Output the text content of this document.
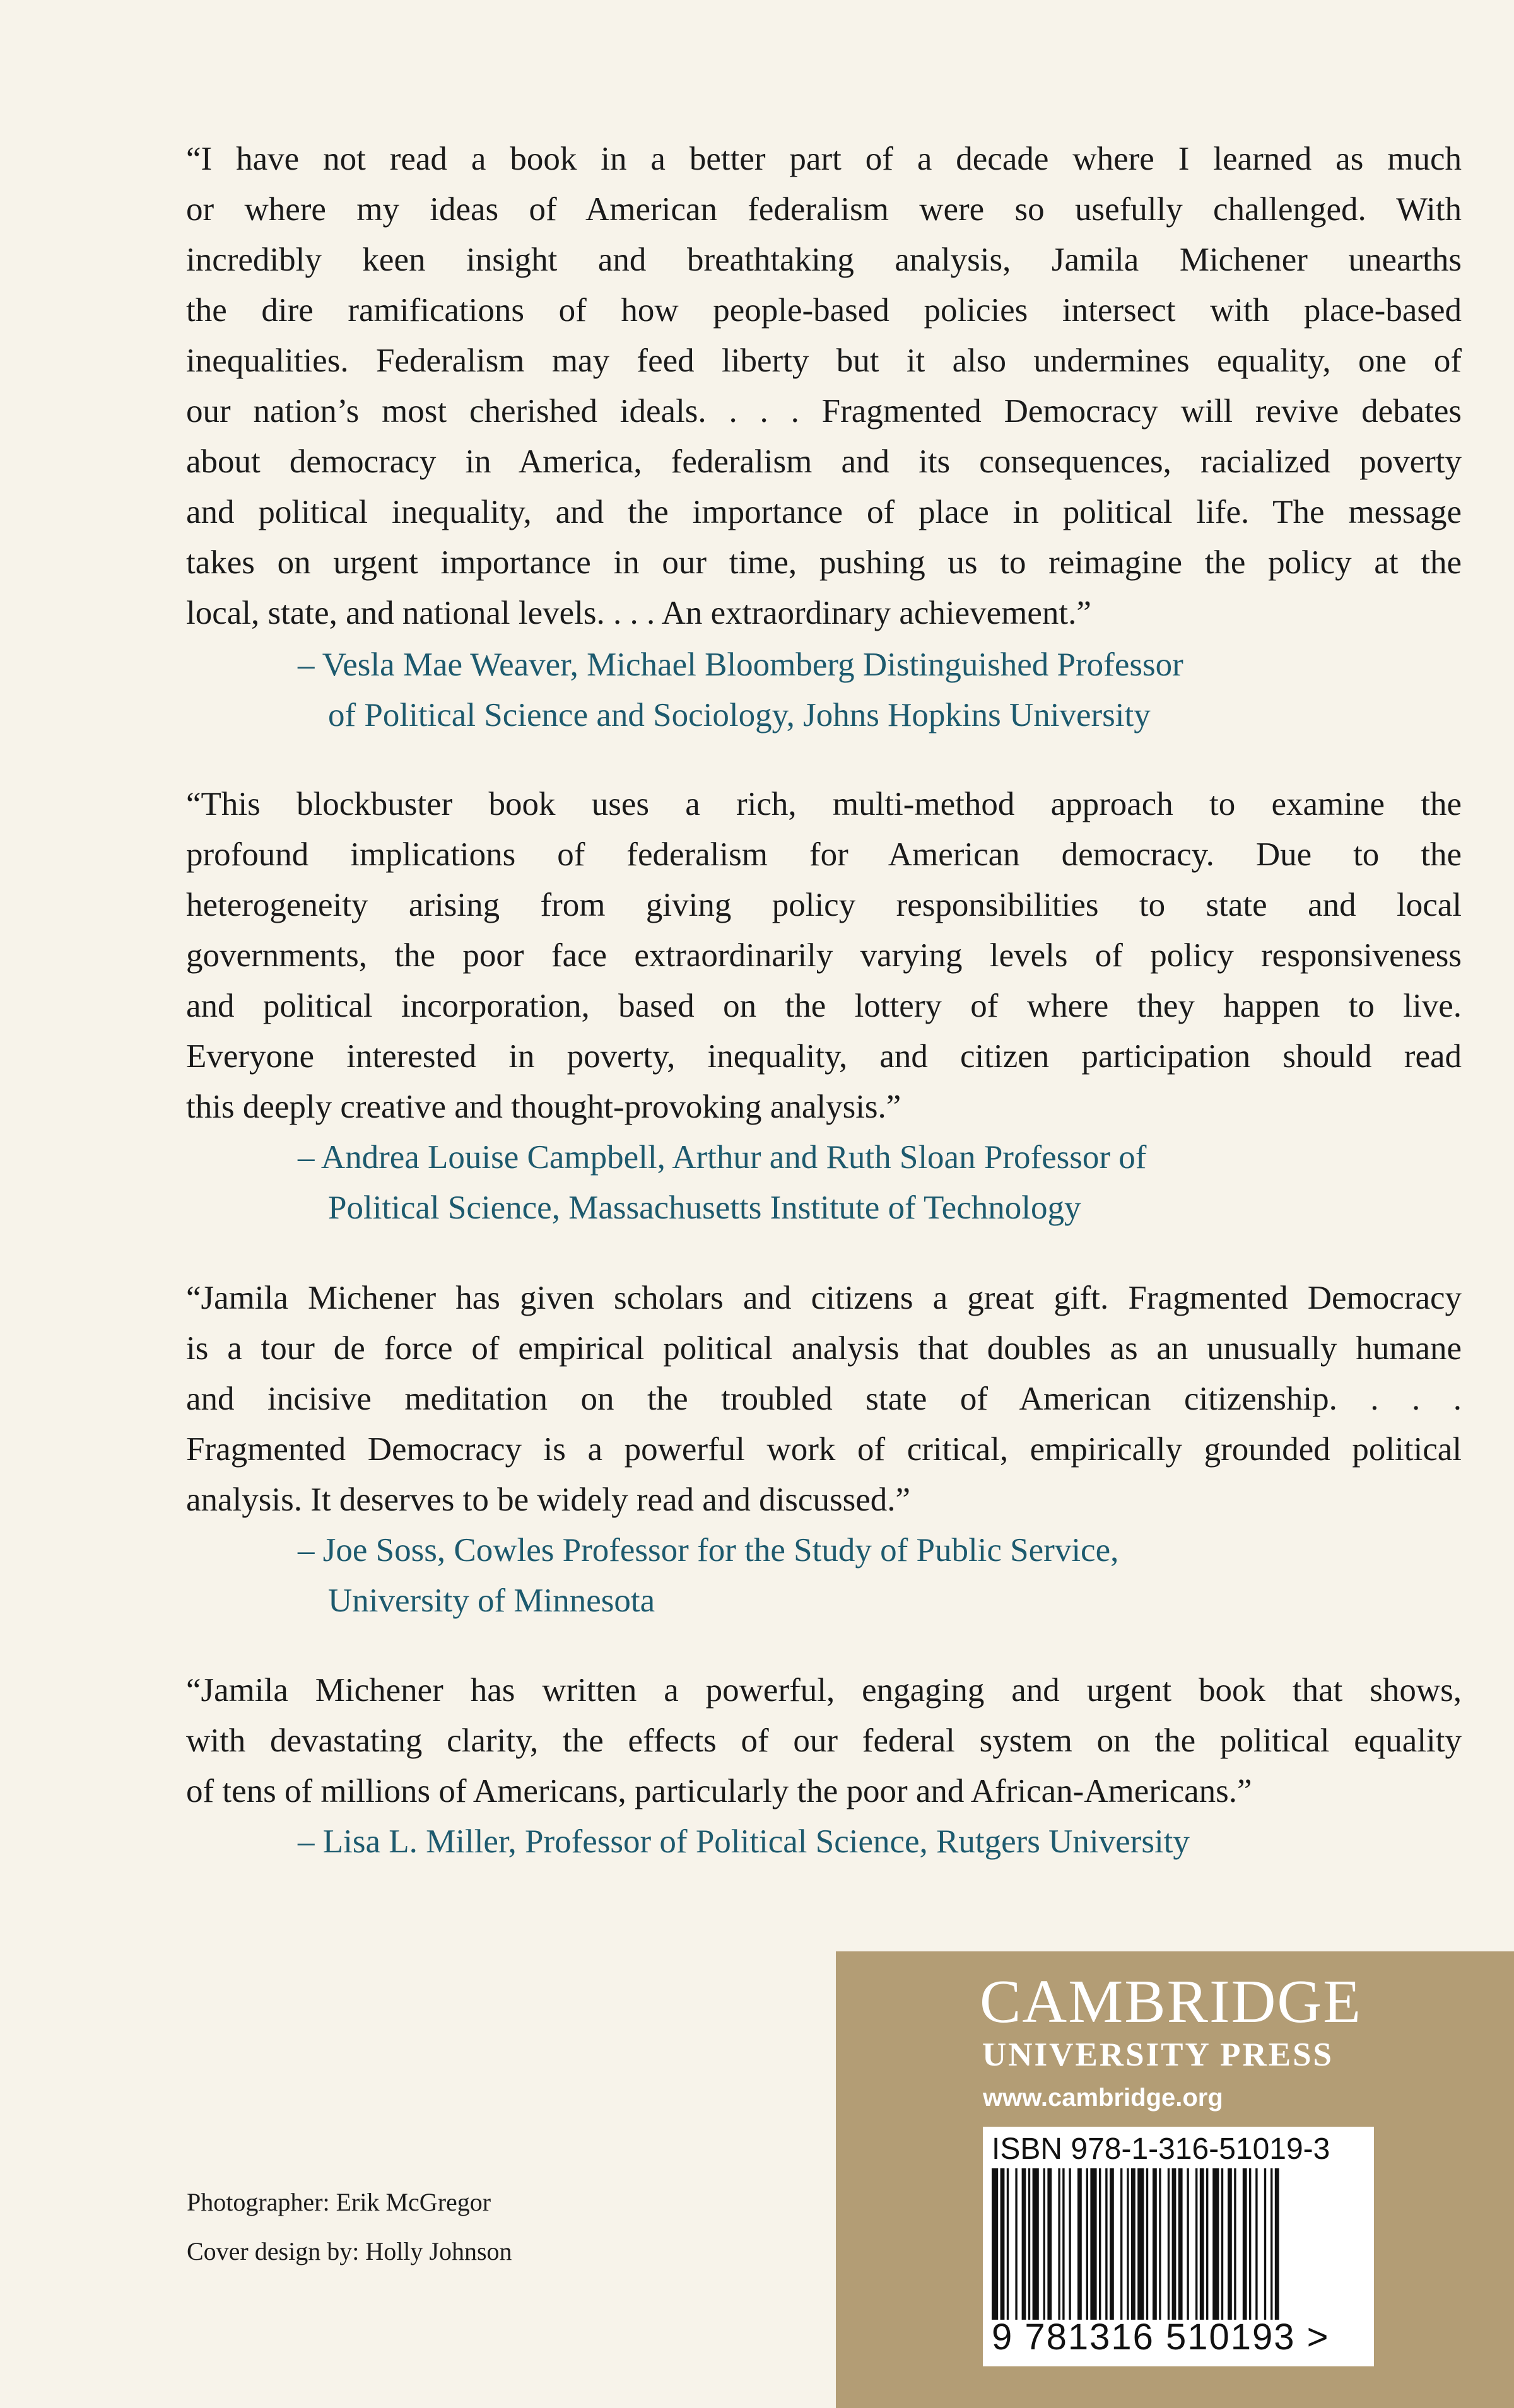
“I have not read a book in a better part of a decade where I learned as much
or where my ideas of American federalism were so usefully challenged. With
incredibly keen insight and breathtaking analysis, Jamila Michener unearths
the dire ramifications of how people-based policies intersect with place-based
inequalities. Federalism may feed liberty but it also undermines equality, one of
our nation’s most cherished ideals. . . . Fragmented Democracy will revive debates
about democracy in America, federalism and its consequences, racialized poverty
and political inequality, and the importance of place in political life. The message
takes on urgent importance in our time, pushing us to reimagine the policy at the
local, state, and national levels. . . . An extraordinary achievement.”
– Vesla Mae Weaver, Michael Bloomberg Distinguished Professor
of Political Science and Sociology, Johns Hopkins University
“This blockbuster book uses a rich, multi-method approach to examine the
profound implications of federalism for American democracy. Due to the
heterogeneity arising from giving policy responsibilities to state and local
governments, the poor face extraordinarily varying levels of policy responsiveness
and political incorporation, based on the lottery of where they happen to live.
Everyone interested in poverty, inequality, and citizen participation should read
this deeply creative and thought-provoking analysis.”
– Andrea Louise Campbell, Arthur and Ruth Sloan Professor of
Political Science, Massachusetts Institute of Technology
“Jamila Michener has given scholars and citizens a great gift. Fragmented Democracy
is a tour de force of empirical political analysis that doubles as an unusually humane
and incisive meditation on the troubled state of American citizenship. . . .
Fragmented Democracy is a powerful work of critical, empirically grounded political
analysis. It deserves to be widely read and discussed.”
– Joe Soss, Cowles Professor for the Study of Public Service,
University of Minnesota
“Jamila Michener has written a powerful, engaging and urgent book that shows,
with devastating clarity, the effects of our federal system on the political equality
of tens of millions of Americans, particularly the poor and African-Americans.”
– Lisa L. Miller, Professor of Political Science, Rutgers University
Photographer: Erik McGregor
Cover design by: Holly Johnson
CAMBRIDGE
UNIVERSITY PRESS
www.cambridge.org
ISBN 978-1-316-51019-3
9 781316 510193 >
